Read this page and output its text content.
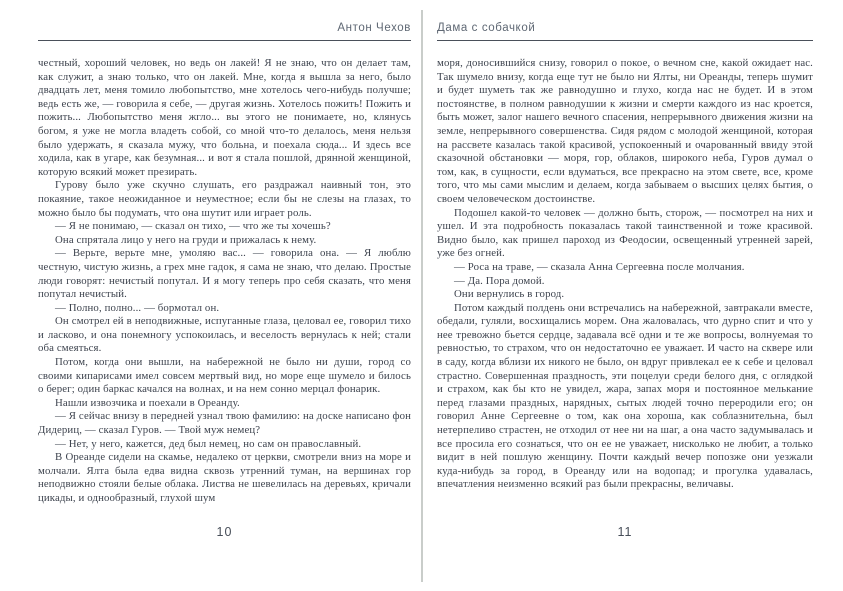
Антон Чехов

честный, хороший человек, но ведь он лакей! Я не знаю, что он делает там, как служит, а знаю только, что он лакей. Мне, когда я вышла за него, было двадцать лет, меня томило любопытство, мне хотелось чего-нибудь получше; ведь есть же, — говорила я себе, — другая жизнь. Хотелось пожить! Пожить и пожить... Любопытство меня жгло... вы этого не понимаете, но, клянусь богом, я уже не могла владеть собой, со мной что-то делалось, меня нельзя было удержать, я сказала мужу, что больна, и поехала сюда... И здесь все ходила, как в угаре, как безумная... и вот я стала пошлой, дрянной женщиной, которую всякий может презирать.

Гурову было уже скучно слушать, его раздражал наивный тон, это покаяние, такое неожиданное и неуместное; если бы не слезы на глазах, то можно было бы подумать, что она шутит или играет роль.

— Я не понимаю, — сказал он тихо, — что же ты хочешь?

Она спрятала лицо у него на груди и прижалась к нему.

— Верьте, верьте мне, умоляю вас... — говорила она. — Я люблю честную, чистую жизнь, а грех мне гадок, я сама не знаю, что делаю. Простые люди говорят: нечистый попутал. И я могу теперь про себя сказать, что меня попутал нечистый.

— Полно, полно... — бормотал он.

Он смотрел ей в неподвижные, испуганные глаза, целовал ее, говорил тихо и ласково, и она понемногу успокоилась, и веселость вернулась к ней; стали оба смеяться.

Потом, когда они вышли, на набережной не было ни души, город со своими кипарисами имел совсем мертвый вид, но море еще шумело и билось о берег; один баркас качался на волнах, и на нем сонно мерцал фонарик.

Нашли извозчика и поехали в Ореанду.

— Я сейчас внизу в передней узнал твою фамилию: на доске написано фон Дидериц, — сказал Гуров. — Твой муж немец?

— Нет, у него, кажется, дед был немец, но сам он православный.

В Ореанде сидели на скамье, недалеко от церкви, смотрели вниз на море и молчали. Ялта была едва видна сквозь утренний туман, на вершинах гор неподвижно стояли белые облака. Листва не шевелилась на деревьях, кричали цикады, и однообразный, глухой шум

Дама с собачкой

моря, доносившийся снизу, говорил о покое, о вечном сне, какой ожидает нас. Так шумело внизу, когда еще тут не было ни Ялты, ни Ореанды, теперь шумит и будет шуметь так же равнодушно и глухо, когда нас не будет. И в этом постоянстве, в полном равнодушии к жизни и смерти каждого из нас кроется, быть может, залог нашего вечного спасения, непрерывного движения жизни на земле, непрерывного совершенства. Сидя рядом с молодой женщиной, которая на рассвете казалась такой красивой, успокоенный и очарованный ввиду этой сказочной обстановки — моря, гор, облаков, широкого неба, Гуров думал о том, как, в сущности, если вдуматься, все прекрасно на этом свете, все, кроме того, что мы сами мыслим и делаем, когда забываем о высших целях бытия, о своем человеческом достоинстве.

Подошел какой-то человек — должно быть, сторож, — посмотрел на них и ушел. И эта подробность показалась такой таинственной и тоже красивой. Видно было, как пришел пароход из Феодосии, освещенный утренней зарей, уже без огней.

— Роса на траве, — сказала Анна Сергеевна после молчания.

— Да. Пора домой.

Они вернулись в город.

Потом каждый полдень они встречались на набережной, завтракали вместе, обедали, гуляли, восхищались морем. Она жаловалась, что дурно спит и что у нее тревожно бьется сердце, задавала всё одни и те же вопросы, волнуемая то ревностью, то страхом, что он недостаточно ее уважает. И часто на сквере или в саду, когда вблизи их никого не было, он вдруг привлекал ее к себе и целовал страстно. Совершенная праздность, эти поцелуи среди белого дня, с оглядкой и страхом, как бы кто не увидел, жара, запах моря и постоянное мелькание перед глазами праздных, нарядных, сытых людей точно переродили его; он говорил Анне Сергеевне о том, как она хороша, как соблазнительна, был нетерпеливо страстен, не отходил от нее ни на шаг, а она часто задумывалась и все просила его сознаться, что он ее не уважает, нисколько не любит, а только видит в ней пошлую женщину. Почти каждый вечер попозже они уезжали куда-нибудь за город, в Ореанду или на водопад; и прогулка удавалась, впечатления неизменно всякий раз были прекрасны, величавы.

10	11
